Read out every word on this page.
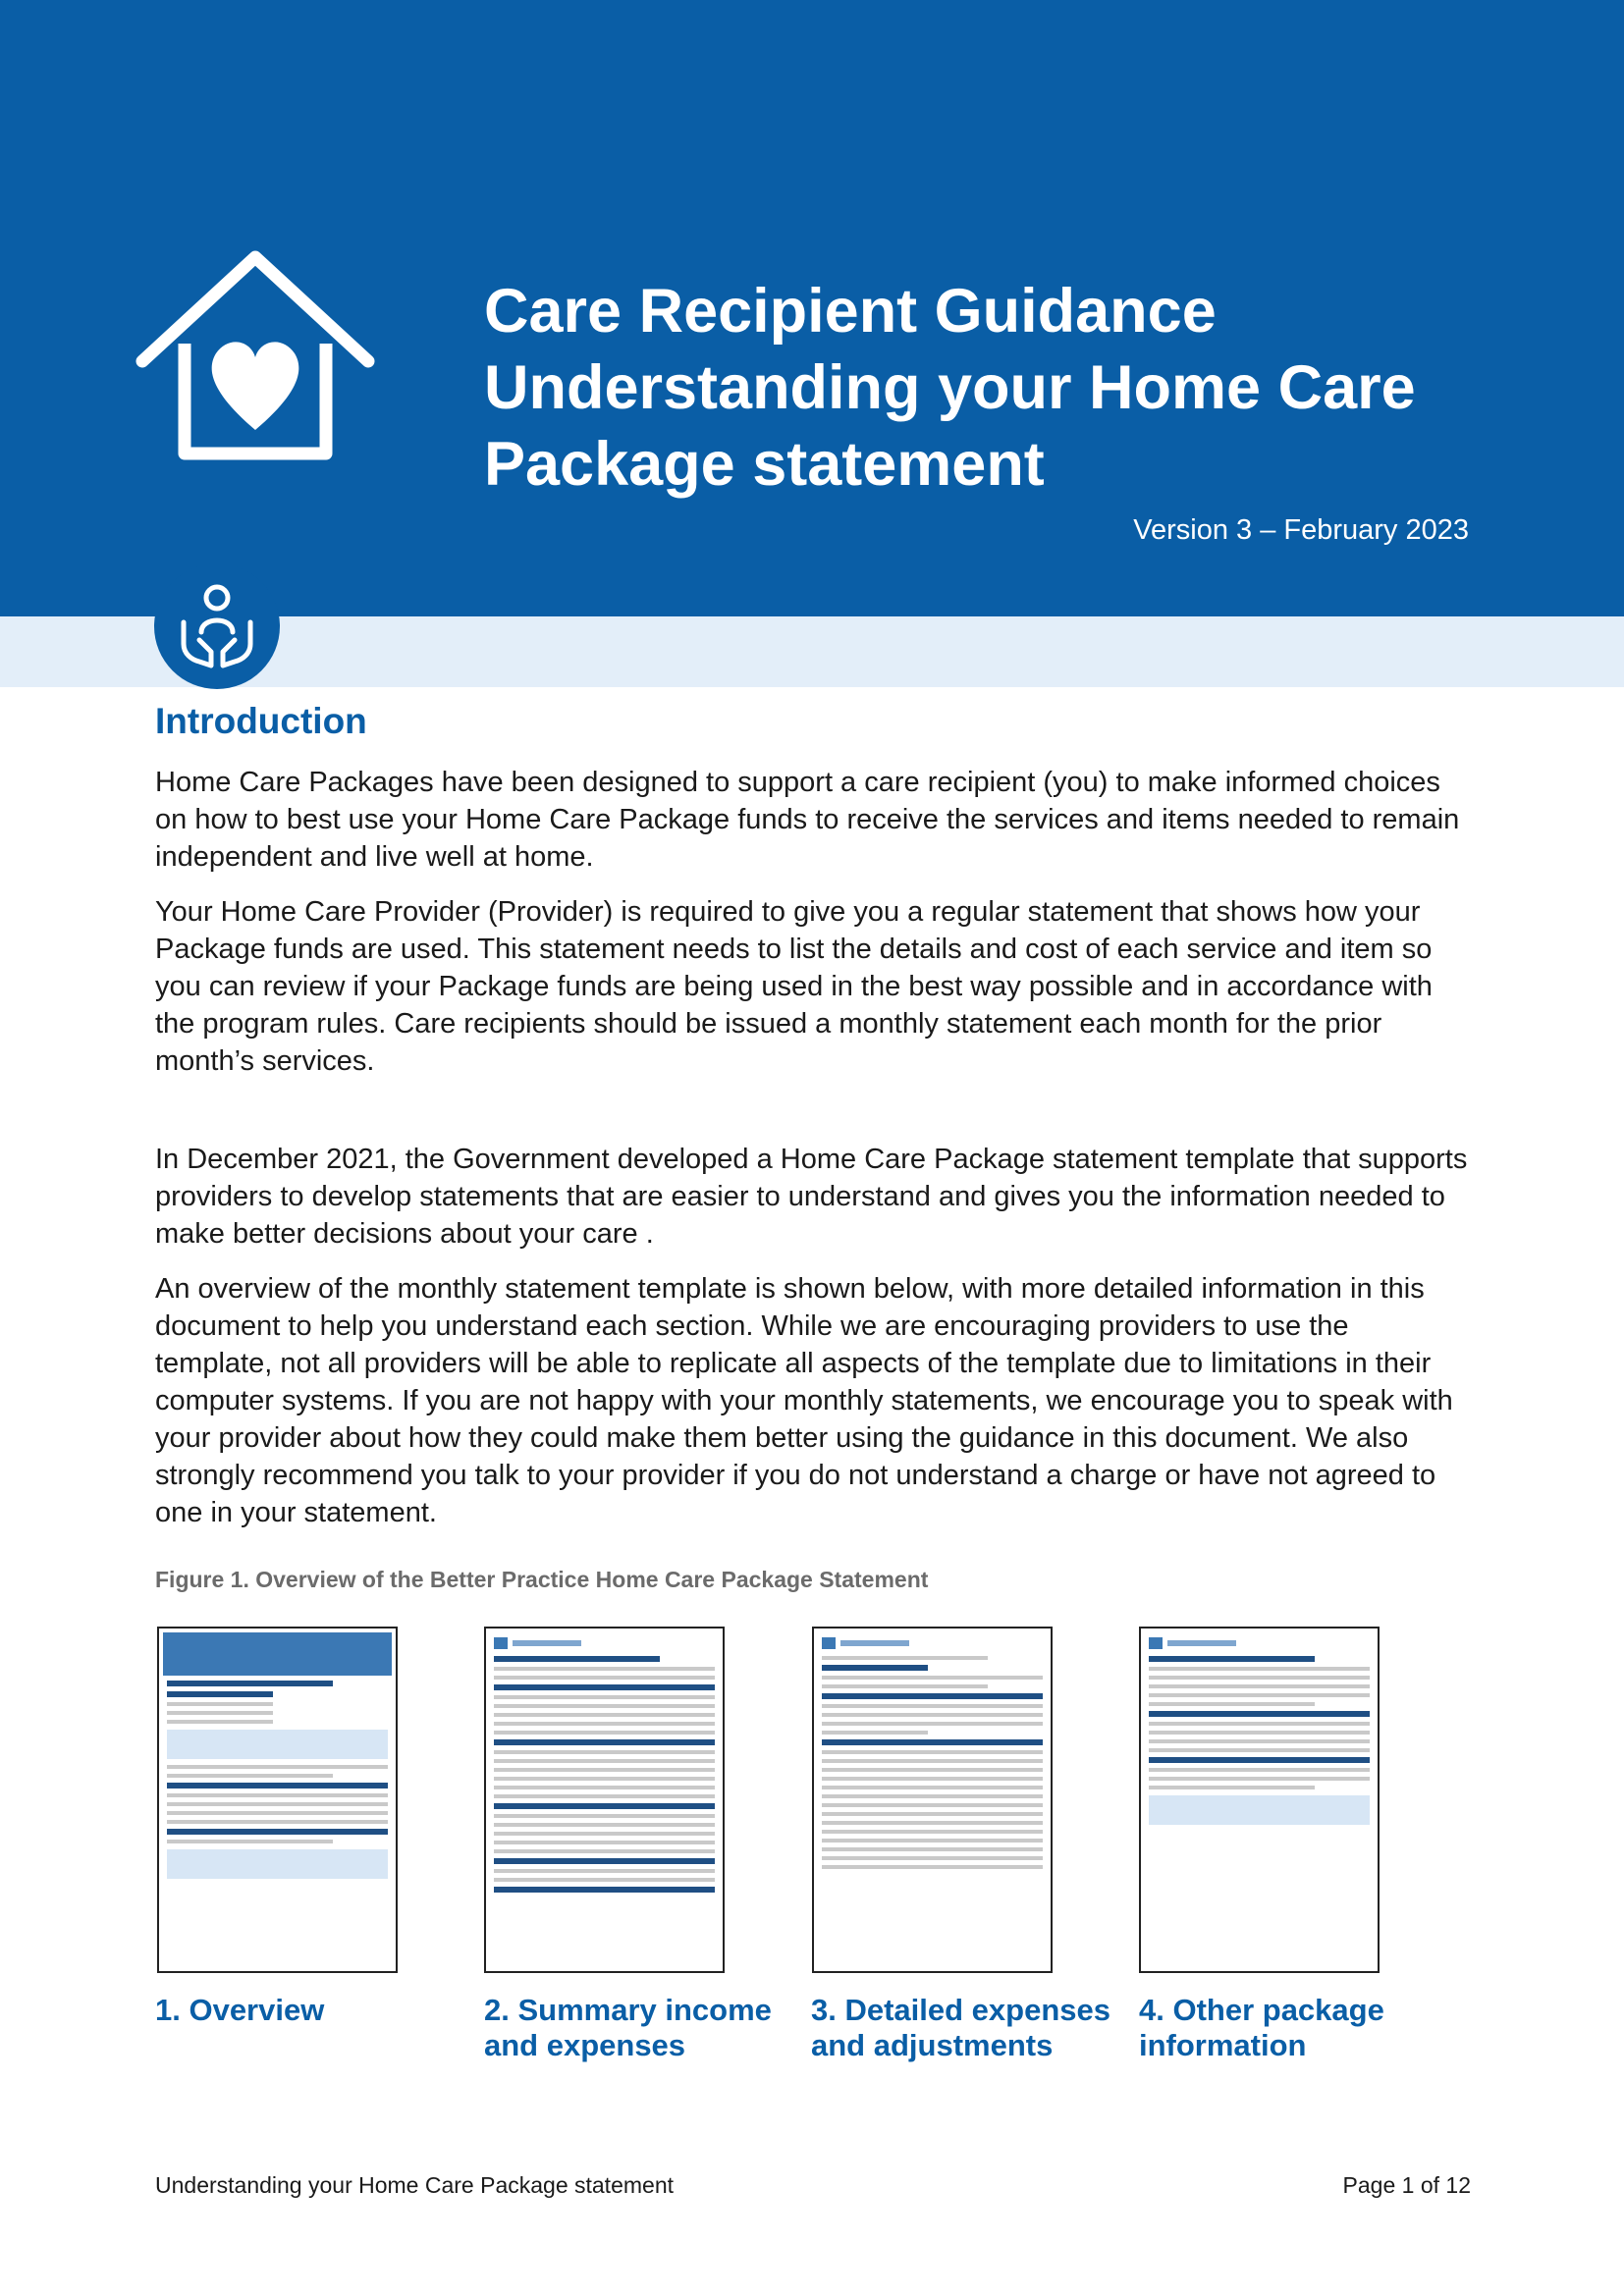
Care Recipient Guidance
Understanding your Home Care
Package statement
Version 3 – February 2023
Introduction

Home Care Packages have been designed to support a care recipient (you) to make informed choices on how to best use your Home Care Package funds to receive the services and items needed to remain independent and live well at home.

Your Home Care Provider (Provider) is required to give you a regular statement that shows how your Package funds are used. This statement needs to list the details and cost of each service and item so you can review if your Package funds are being used in the best way possible and in accordance with the program rules. Care recipients should be issued a monthly statement each month for the prior month’s services.

In December 2021, the Government developed a Home Care Package statement template that supports providers to develop statements that are easier to understand and gives you the information needed to make better decisions about your care .

An overview of the monthly statement template is shown below, with more detailed information in this document to help you understand each section. While we are encouraging providers to use the template, not all providers will be able to replicate all aspects of the template due to limitations in their computer systems. If you are not happy with your monthly statements, we encourage you to speak with your provider about how they could make them better using the guidance in this document. We also strongly recommend you talk to your provider if you do not understand a charge or have not agreed to one in your statement.

Figure 1. Overview of the Better Practice Home Care Package Statement
1. Overview	2. Summary income and expenses
3. Detailed expenses and adjustments
4. Other package information
Understanding your Home Care Package statement	Page 1 of 12
